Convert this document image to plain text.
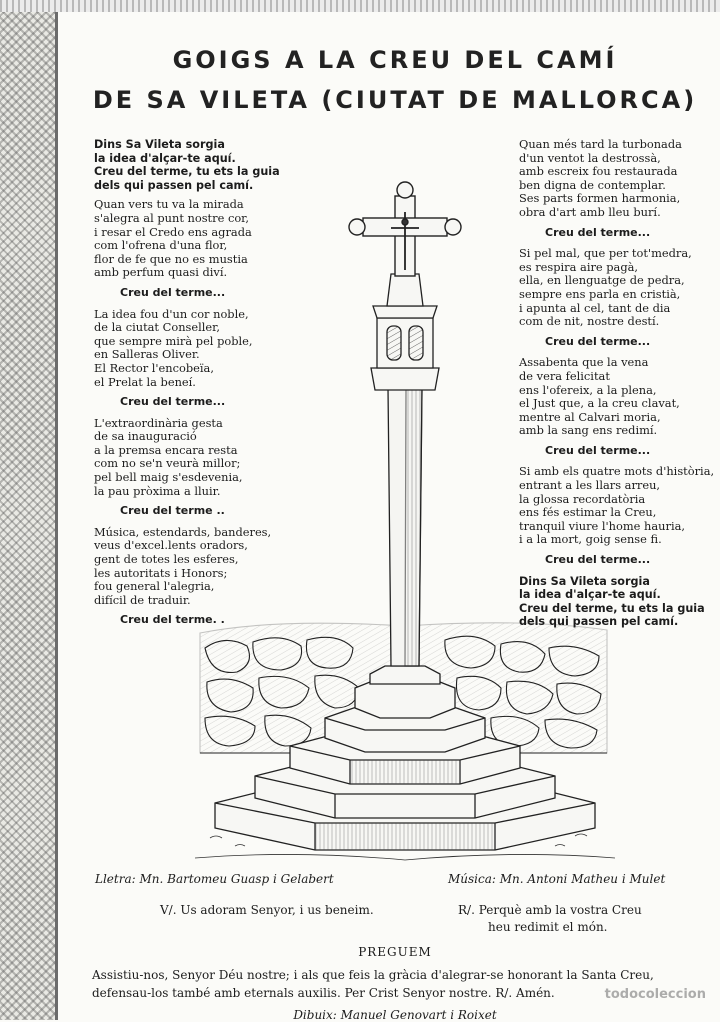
GOIGS A LA CREU DEL CAMÍ
DE SA VILETA (CIUTAT DE MALLORCA)
Dins Sa Vileta sorgia
la idea d'alçar-te aquí.
Creu del terme, tu ets la guia
dels qui passen pel camí.
Quan vers tu va la mirada
s'alegra al punt nostre cor,
i resar el Credo ens agrada
com l'ofrena d'una flor,
flor de fe que no es mustia
amb perfum quasi diví.
Creu del terme...
La idea fou d'un cor noble,
de la ciutat Conseller,
que sempre mirà pel poble,
en Salleras Oliver.
El Rector l'encobeïa,
el Prelat la beneí.
Creu del terme...
L'extraordinària gesta
de sa inauguració
a la premsa encara resta
com no se'n veurà millor;
pel bell maig s'esdevenia,
la pau pròxima a lluir.
Creu del terme ..
Música, estendards, banderes,
veus d'excel.lents oradors,
gent de totes les esferes,
les autoritats i Honors;
fou general l'alegria,
difícil de traduir.
Creu del terme. .
Quan més tard la turbonada
d'un ventot la destrossà,
amb escreix fou restaurada
ben digna de contemplar.
Ses parts formen harmonia,
obra d'art amb lleu burí.
Creu del terme...
Si pel mal, que per tot'medra,
es respira aire pagà,
ella, en llenguatge de pedra,
sempre ens parla en cristià,
i apunta al cel, tant de dia
com de nit, nostre destí.
Creu del terme...
Assabenta que la vena
de vera felicitat
ens l'ofereix, a la plena,
el Just que, a la creu clavat,
mentre al Calvari moria,
amb la sang ens redimí.
Creu del terme...
Si amb els quatre mots d'història,
entrant a les llars arreu,
la glossa recordatòria
ens fés estimar la Creu,
tranquil viure l'home hauria,
i a la mort, goig sense fi.
Creu del terme...
Dins Sa Vileta sorgia
la idea d'alçar-te aquí.
Creu del terme, tu ets la guia
dels qui passen pel camí.
Lletra: Mn. Bartomeu Guasp i Gelabert	Música: Mn. Antoni Matheu i Mulet
V/. Us adoram Senyor, i us beneim.	R/. Perquè amb la vostra Creu
heu redimit el món.
PREGUEM
Assistiu-nos, Senyor Déu nostre; i als que feis la gràcia d'alegrar-se honorant la Santa Creu,
defensau-los també amb eternals auxilis. Per Crist Senyor nostre. R/. Amén.
Dibuix: Manuel Genovart i Roixet
todocoleccion
